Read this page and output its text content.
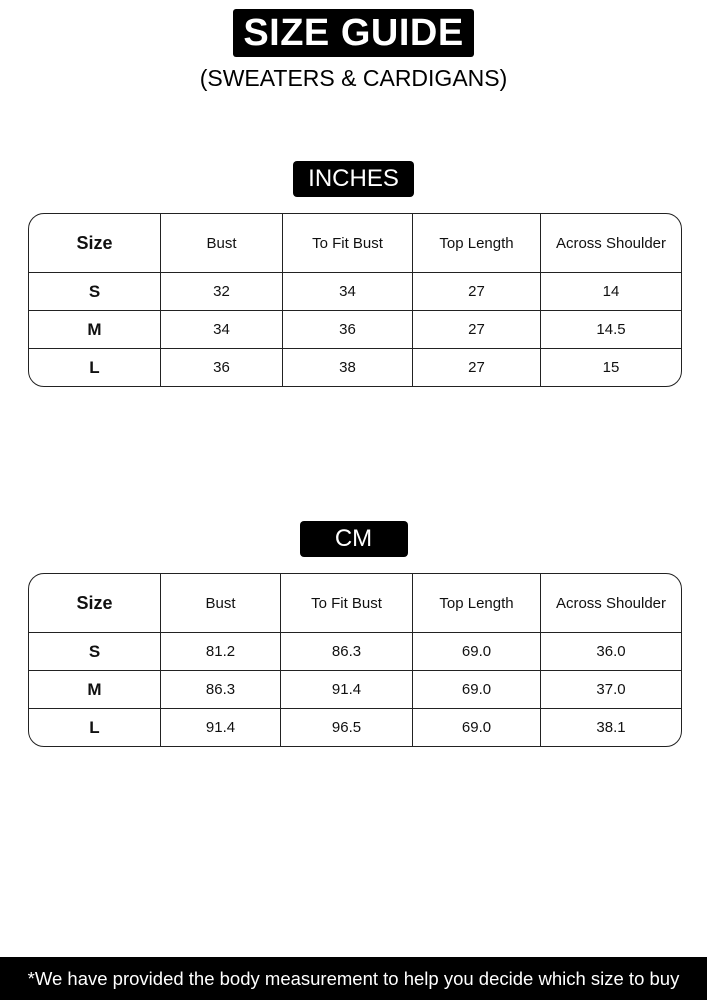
SIZE GUIDE
(SWEATERS & CARDIGANS)
INCHES
Size	Bust	To Fit Bust	Top Length	Across Shoulder
S	32	34	27	14
M	34	36	27	14.5
L	36	38	27	15
CM
Size	Bust	To Fit Bust	Top Length	Across Shoulder
S	81.2	86.3	69.0	36.0
M	86.3	91.4	69.0	37.0
L	91.4	96.5	69.0	38.1
*We have provided the body measurement to help you decide which size to buy
